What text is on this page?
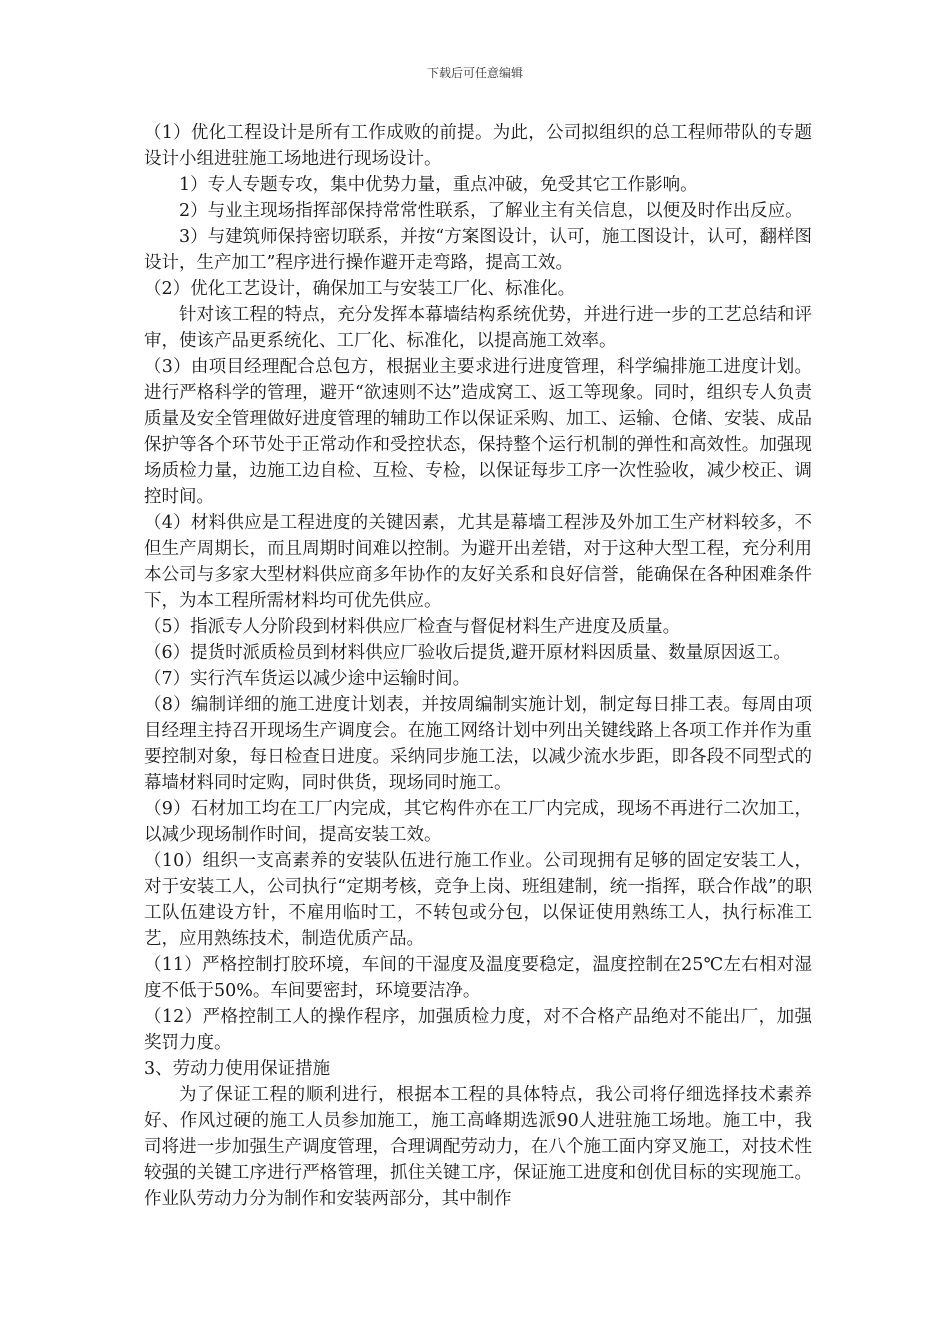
下载后可任意编辑

（1）优化工程设计是所有工作成败的前提。为此，公司拟组织的总工程师带队的专题设计小组进驻施工场地进行现场设计。

1）专人专题专攻，集中优势力量，重点冲破，免受其它工作影响。

2）与业主现场指挥部保持常常性联系，了解业主有关信息，以便及时作出反应。

3）与建筑师保持密切联系，并按“方案图设计，认可，施工图设计，认可，翻样图设计，生产加工”程序进行操作避开走弯路，提高工效。

（2）优化工艺设计，确保加工与安装工厂化、标准化。

针对该工程的特点，充分发挥本幕墙结构系统优势，并进行进一步的工艺总结和评审，使该产品更系统化、工厂化、标准化，以提高施工效率。

（3）由项目经理配合总包方，根据业主要求进行进度管理，科学编排施工进度计划。进行严格科学的管理，避开“欲速则不达”造成窝工、返工等现象。同时，组织专人负责质量及安全管理做好进度管理的辅助工作以保证采购、加工、运输、仓储、安装、成品保护等各个环节处于正常动作和受控状态，保持整个运行机制的弹性和高效性。加强现场质检力量，边施工边自检、互检、专检，以保证每步工序一次性验收，减少校正、调控时间。

（4）材料供应是工程进度的关键因素，尤其是幕墙工程涉及外加工生产材料较多，不但生产周期长，而且周期时间难以控制。为避开出差错，对于这种大型工程，充分利用本公司与多家大型材料供应商多年协作的友好关系和良好信誉，能确保在各种困难条件下，为本工程所需材料均可优先供应。

（5）指派专人分阶段到材料供应厂检查与督促材料生产进度及质量。

（6）提货时派质检员到材料供应厂验收后提货,避开原材料因质量、数量原因返工。

（7）实行汽车货运以减少途中运输时间。

（8）编制详细的施工进度计划表，并按周编制实施计划，制定每日排工表。每周由项目经理主持召开现场生产调度会。在施工网络计划中列出关键线路上各项工作并作为重要控制对象，每日检查日进度。采纳同步施工法，以减少流水步距，即各段不同型式的幕墙材料同时定购，同时供货，现场同时施工。

（9）石材加工均在工厂内完成，其它构件亦在工厂内完成，现场不再进行二次加工，以减少现场制作时间，提高安装工效。

（10）组织一支高素养的安装队伍进行施工作业。公司现拥有足够的固定安装工人，对于安装工人，公司执行“定期考核，竞争上岗、班组建制，统一指挥，联合作战”的职工队伍建设方针，不雇用临时工，不转包或分包，以保证使用熟练工人，执行标准工艺，应用熟练技术，制造优质产品。

（11）严格控制打胶环境，车间的干湿度及温度要稳定，温度控制在25℃左右相对湿度不低于50%。车间要密封，环境要洁净。

（12）严格控制工人的操作程序，加强质检力度，对不合格产品绝对不能出厂，加强奖罚力度。

3、劳动力使用保证措施

为了保证工程的顺利进行，根据本工程的具体特点，我公司将仔细选择技术素养好、作风过硬的施工人员参加施工，施工高峰期选派90人进驻施工场地。施工中，我司将进一步加强生产调度管理，合理调配劳动力，在八个施工面内穿叉施工，对技术性较强的关键工序进行严格管理，抓住关键工序，保证施工进度和创优目标的实现施工。作业队劳动力分为制作和安装两部分，其中制作
